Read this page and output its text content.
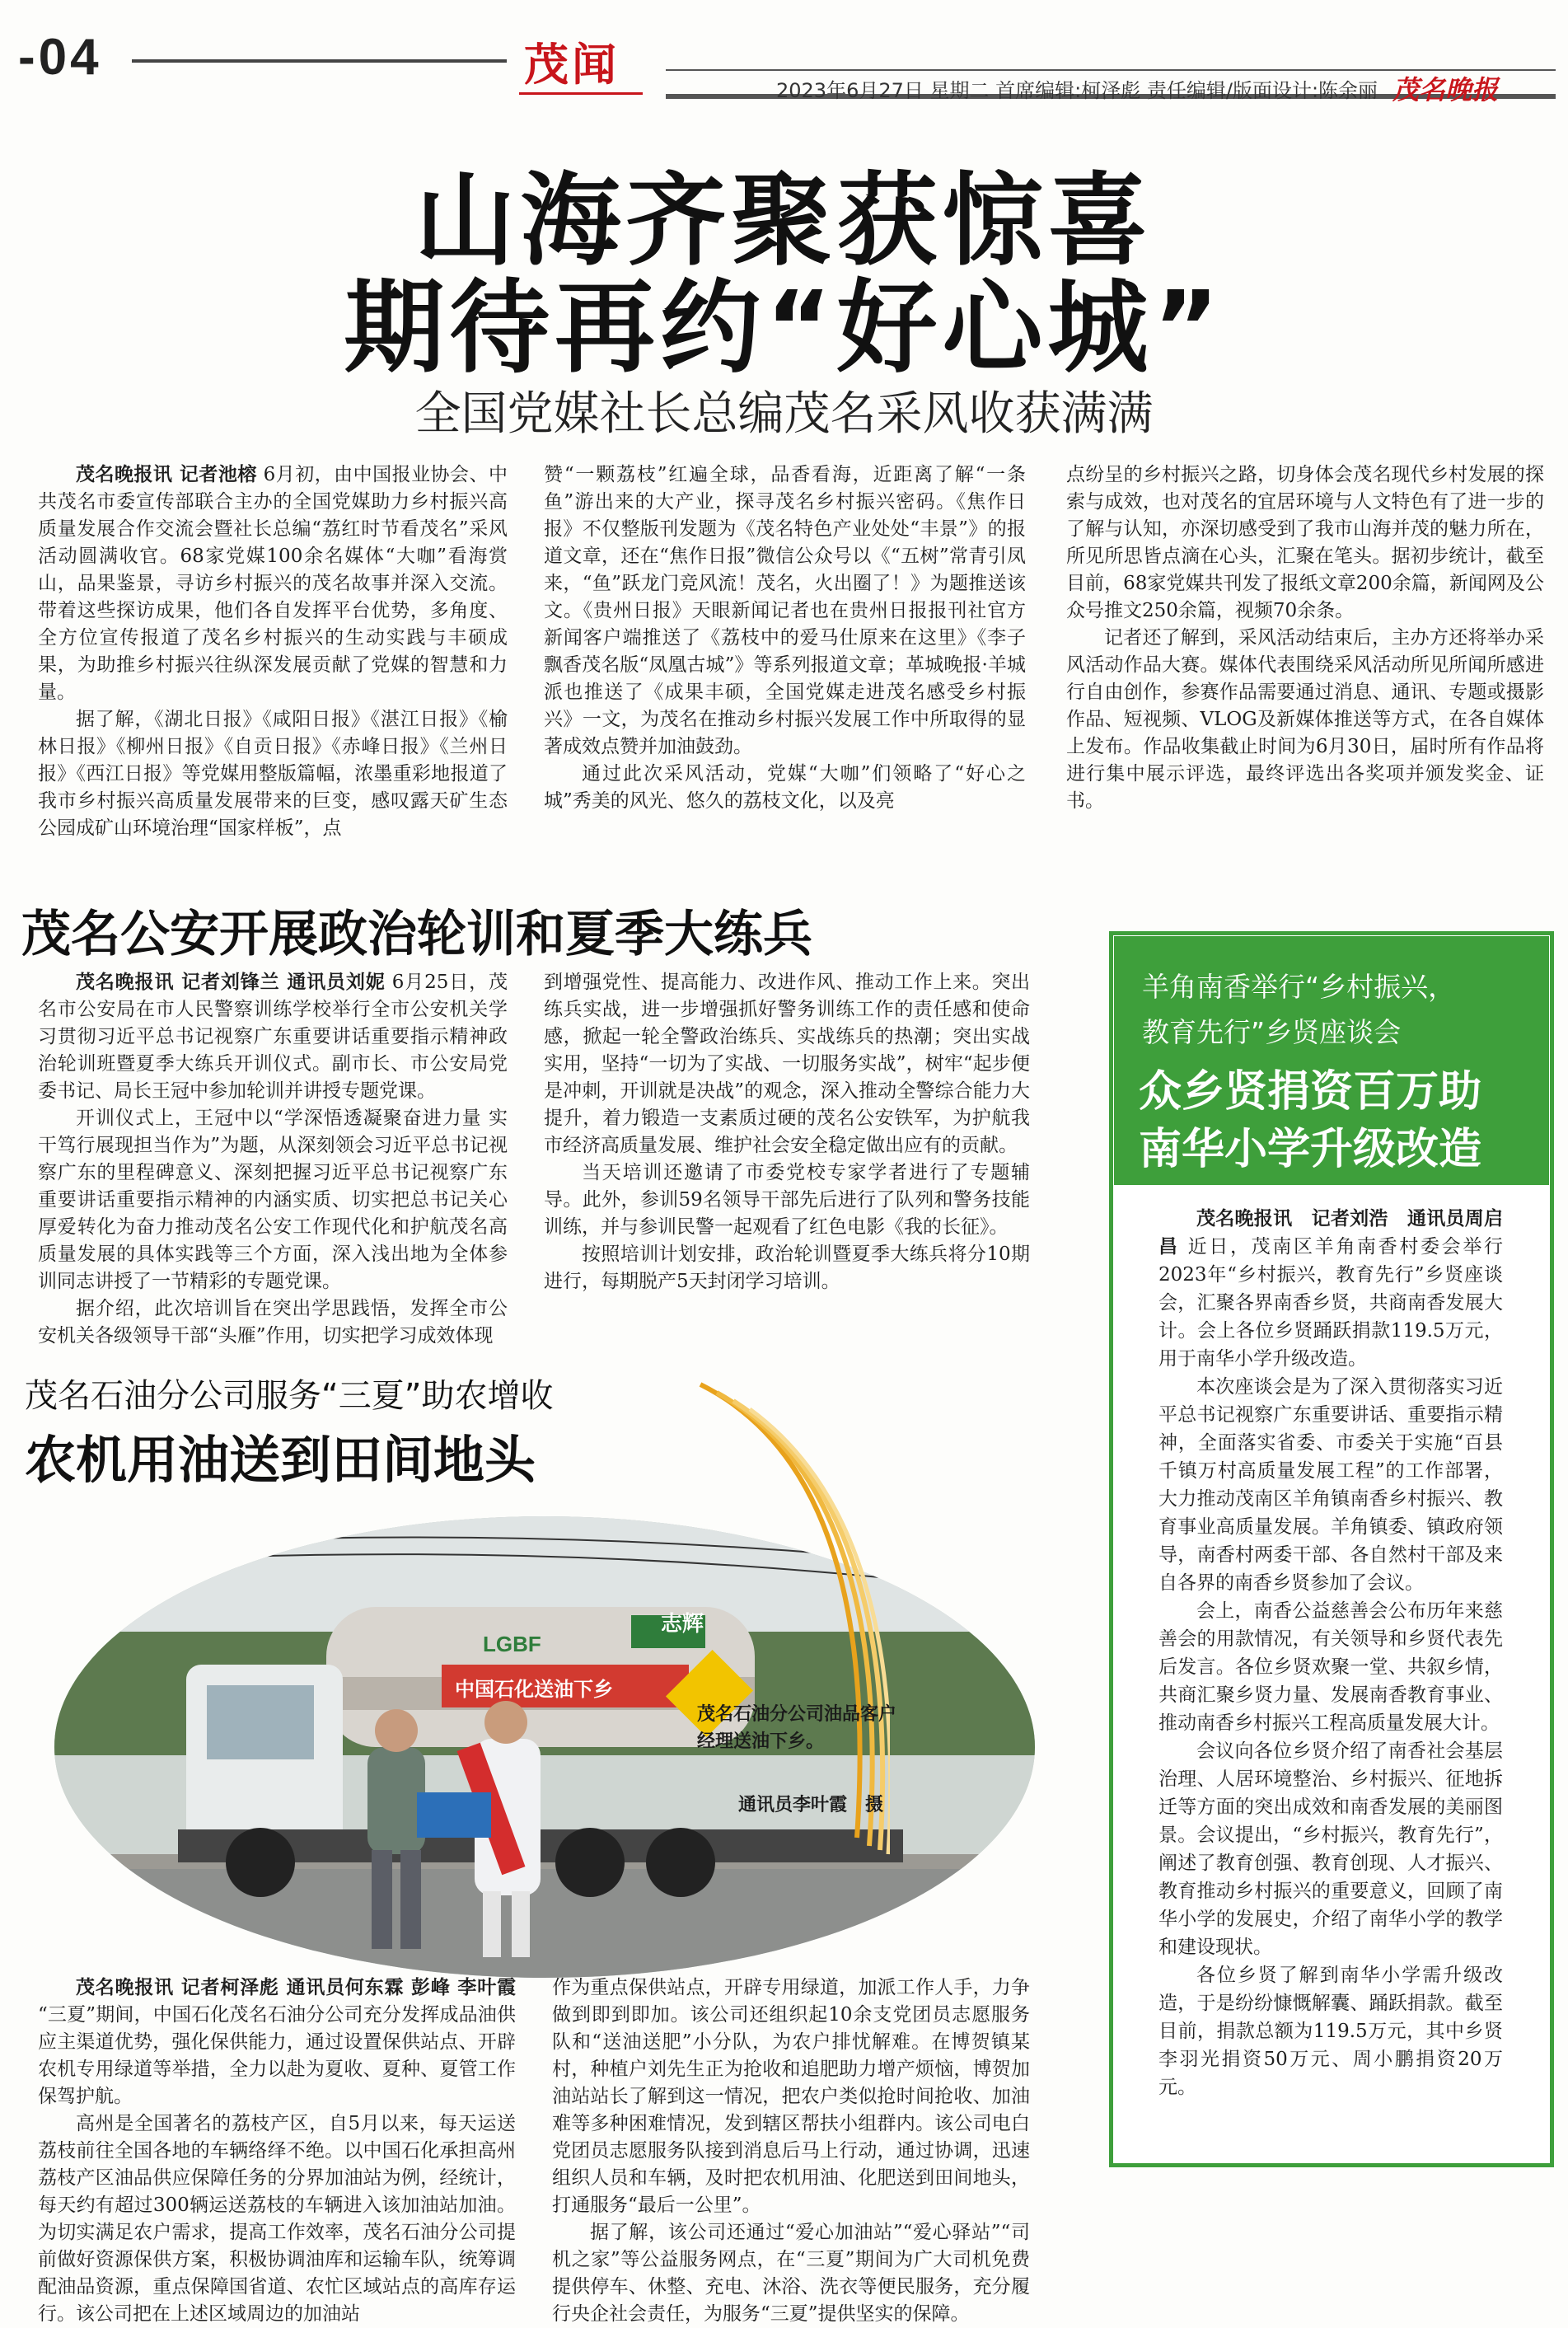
-04	茂闻	2023年6月27日 星期二 首席编辑:柯泽彪 责任编辑/版面设计:陈余丽 茂名晚报
山海齐聚获惊喜
期待再约“好心城”
全国党媒社长总编茂名采风收获满满

茂名晚报讯 记者池榕 6月初，由中国报业协会、中共茂名市委宣传部联合主办的全国党媒助力乡村振兴高质量发展合作交流会暨社长总编“荔红时节看茂名”采风活动圆满收官。68家党媒100余名媒体“大咖”看海赏山，品果鉴景，寻访乡村振兴的茂名故事并深入交流。带着这些探访成果，他们各自发挥平台优势，多角度、全方位宣传报道了茂名乡村振兴的生动实践与丰硕成果，为助推乡村振兴往纵深发展贡献了党媒的智慧和力量。

据了解，《湖北日报》《咸阳日报》《湛江日报》《榆林日报》《柳州日报》《自贡日报》《赤峰日报》《兰州日报》《西江日报》等党媒用整版篇幅，浓墨重彩地报道了我市乡村振兴高质量发展带来的巨变，感叹露天矿生态公园成矿山环境治理“国家样板”，点

赞“一颗荔枝”红遍全球，品香看海，近距离了解“一条鱼”游出来的大产业，探寻茂名乡村振兴密码。《焦作日报》不仅整版刊发题为《茂名特色产业处处“丰景”》的报道文章，还在“焦作日报”微信公众号以《“五树”常青引凤来，“鱼”跃龙门竞风流！茂名，火出圈了！》为题推送该文。《贵州日报》天眼新闻记者也在贵州日报报刊社官方新闻客户端推送了《荔枝中的爱马仕原来在这里》《李子飘香茂名版“凤凰古城”》等系列报道文章；革城晚报·羊城派也推送了《成果丰硕，全国党媒走进茂名感受乡村振兴》一文，为茂名在推动乡村振兴发展工作中所取得的显著成效点赞并加油鼓劲。

通过此次采风活动，党媒“大咖”们领略了“好心之城”秀美的风光、悠久的荔枝文化，以及亮

点纷呈的乡村振兴之路，切身体会茂名现代乡村发展的探索与成效，也对茂名的宜居环境与人文特色有了进一步的了解与认知，亦深切感受到了我市山海并茂的魅力所在，所见所思皆点滴在心头，汇聚在笔头。据初步统计，截至目前，68家党媒共刊发了报纸文章200余篇，新闻网及公众号推文250余篇，视频70余条。

记者还了解到，采风活动结束后，主办方还将举办采风活动作品大赛。媒体代表围绕采风活动所见所闻所感进行自由创作，参赛作品需要通过消息、通讯、专题或摄影作品、短视频、VLOG及新媒体推送等方式，在各自媒体上发布。作品收集截止时间为6月30日，届时所有作品将进行集中展示评选，最终评选出各奖项并颁发奖金、证书。

茂名公安开展政治轮训和夏季大练兵

茂名晚报讯 记者刘锋兰 通讯员刘妮 6月25日，茂名市公安局在市人民警察训练学校举行全市公安机关学习贯彻习近平总书记视察广东重要讲话重要指示精神政治轮训班暨夏季大练兵开训仪式。副市长、市公安局党委书记、局长王冠中参加轮训并讲授专题党课。

开训仪式上，王冠中以“学深悟透凝聚奋进力量 实干笃行展现担当作为”为题，从深刻领会习近平总书记视察广东的里程碑意义、深刻把握习近平总书记视察广东重要讲话重要指示精神的内涵实质、切实把总书记关心厚爱转化为奋力推动茂名公安工作现代化和护航茂名高质量发展的具体实践等三个方面，深入浅出地为全体参训同志讲授了一节精彩的专题党课。

据介绍，此次培训旨在突出学思践悟，发挥全市公安机关各级领导干部“头雁”作用，切实把学习成效体现

到增强党性、提高能力、改进作风、推动工作上来。突出练兵实战，进一步增强抓好警务训练工作的责任感和使命感，掀起一轮全警政治练兵、实战练兵的热潮；突出实战实用，坚持“一切为了实战、一切服务实战”，树牢“起步便是冲刺，开训就是决战”的观念，深入推动全警综合能力大提升，着力锻造一支素质过硬的茂名公安铁军，为护航我市经济高质量发展、维护社会安全稳定做出应有的贡献。

当天培训还邀请了市委党校专家学者进行了专题辅导。此外，参训59名领导干部先后进行了队列和警务技能训练，并与参训民警一起观看了红色电影《我的长征》。

按照培训计划安排，政治轮训暨夏季大练兵将分10期进行，每期脱产5天封闭学习培训。

茂名石油分公司服务“三夏”助农增收
农机用油送到田间地头
志辉
LGBF
中国石化送油下乡
茂名石油分公司油品客户经理送油下乡。
通讯员李叶霞　摄

茂名晚报讯 记者柯泽彪 通讯员何东霖 彭峰 李叶霞 “三夏”期间，中国石化茂名石油分公司充分发挥成品油供应主渠道优势，强化保供能力，通过设置保供站点、开辟农机专用绿道等举措，全力以赴为夏收、夏种、夏管工作保驾护航。

高州是全国著名的荔枝产区，自5月以来，每天运送荔枝前往全国各地的车辆络绎不绝。以中国石化承担高州荔枝产区油品供应保障任务的分界加油站为例，经统计，每天约有超过300辆运送荔枝的车辆进入该加油站加油。为切实满足农户需求，提高工作效率，茂名石油分公司提前做好资源保供方案，积极协调油库和运输车队，统筹调配油品资源，重点保障国省道、农忙区域站点的高库存运行。该公司把在上述区域周边的加油站

作为重点保供站点，开辟专用绿道，加派工作人手，力争做到即到即加。该公司还组织起10余支党团员志愿服务队和“送油送肥”小分队，为农户排忧解难。在博贺镇某村，种植户刘先生正为抢收和追肥助力增产烦恼，博贺加油站站长了解到这一情况，把农户类似抢时间抢收、加油难等多种困难情况，发到辖区帮扶小组群内。该公司电白党团员志愿服务队接到消息后马上行动，通过协调，迅速组织人员和车辆，及时把农机用油、化肥送到田间地头，打通服务“最后一公里”。

据了解，该公司还通过“爱心加油站”“爱心驿站”“司机之家”等公益服务网点，在“三夏”期间为广大司机免费提供停车、休整、充电、沐浴、洗衣等便民服务，充分履行央企社会责任，为服务“三夏”提供坚实的保障。

羊角南香举行“乡村振兴，
教育先行”乡贤座谈会
众乡贤捐资百万助
南华小学升级改造

茂名晚报讯　记者刘浩　通讯员周启昌 近日，茂南区羊角南香村委会举行2023年“乡村振兴，教育先行”乡贤座谈会，汇聚各界南香乡贤，共商南香发展大计。会上各位乡贤踊跃捐款119.5万元，用于南华小学升级改造。

本次座谈会是为了深入贯彻落实习近平总书记视察广东重要讲话、重要指示精神，全面落实省委、市委关于实施“百县千镇万村高质量发展工程”的工作部署，大力推动茂南区羊角镇南香乡村振兴、教育事业高质量发展。羊角镇委、镇政府领导，南香村两委干部、各自然村干部及来自各界的南香乡贤参加了会议。

会上，南香公益慈善会公布历年来慈善会的用款情况，有关领导和乡贤代表先后发言。各位乡贤欢聚一堂、共叙乡情，共商汇聚乡贤力量、发展南香教育事业、推动南香乡村振兴工程高质量发展大计。

会议向各位乡贤介绍了南香社会基层治理、人居环境整治、乡村振兴、征地拆迁等方面的突出成效和南香发展的美丽图景。会议提出，“乡村振兴，教育先行”，阐述了教育创强、教育创现、人才振兴、教育推动乡村振兴的重要意义，回顾了南华小学的发展史，介绍了南华小学的教学和建设现状。

各位乡贤了解到南华小学需升级改造，于是纷纷慷慨解囊、踊跃捐款。截至目前，捐款总额为119.5万元，其中乡贤李羽光捐资50万元、周小鹏捐资20万元。
